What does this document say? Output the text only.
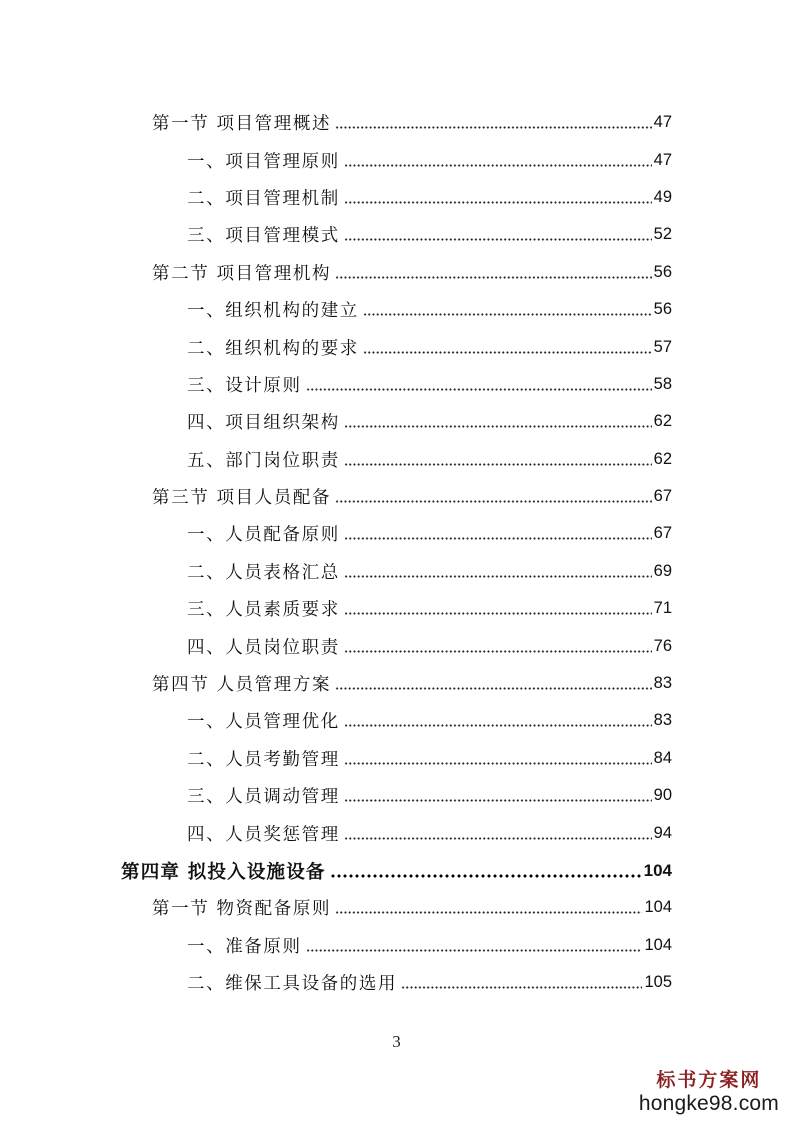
第一节 项目管理概述	47
一、项目管理原则	47
二、项目管理机制	49
三、项目管理模式	52
第二节 项目管理机构	56
一、组织机构的建立	56
二、组织机构的要求	57
三、设计原则	58
四、项目组织架构	62
五、部门岗位职责	62
第三节 项目人员配备	67
一、人员配备原则	67
二、人员表格汇总	69
三、人员素质要求	71
四、人员岗位职责	76
第四节 人员管理方案	83
一、人员管理优化	83
二、人员考勤管理	84
三、人员调动管理	90
四、人员奖惩管理	94
第四章 拟投入设施设备	104
第一节 物资配备原则	104
一、准备原则	104
二、维保工具设备的选用	105
3
标书方案网
hongke98.com
